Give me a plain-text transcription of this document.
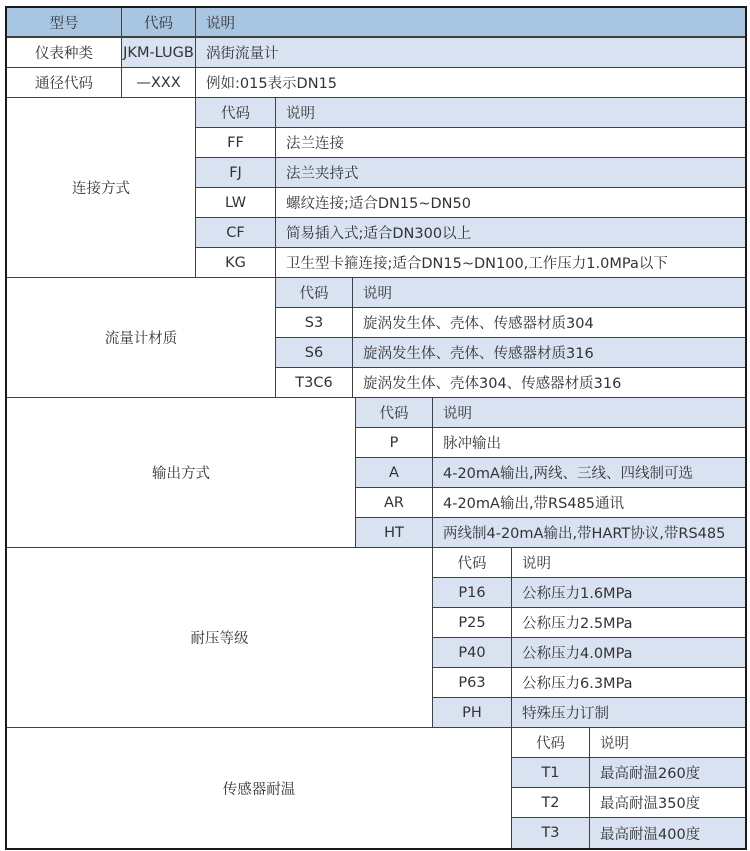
型号	代码	说明
仪表种类	JKM-LUGB 涡街流量计
通径代码	—XXX	例如:015表示DN15
连接方式
代码	说明
FF	法兰连接
FJ	法兰夹持式
LW	螺纹连接;适合DN15~DN50
CF	简易插入式;适合DN300以上
KG	卫生型卡箍连接;适合DN15~DN100,工作压力1.0MPa以下
流量计材质
代码	说明
S3	旋涡发生体、壳体、传感器材质304
S6	旋涡发生体、壳体、传感器材质316
T3C6	旋涡发生体、壳体304、传感器材质316
输出方式
代码	说明
P	脉冲输出
A	4-20mA输出,两线、三线、四线制可选
AR	4-20mA输出,带RS485通讯
HT	两线制4-20mA输出,带HART协议,带RS485
耐压等级
代码	说明
P16	公称压力1.6MPa
P25	公称压力2.5MPa
P40	公称压力4.0MPa
P63	公称压力6.3MPa
PH	特殊压力订制
传感器耐温
代码	说明
T1	最高耐温260度
T2	最高耐温350度
T3	最高耐温400度
